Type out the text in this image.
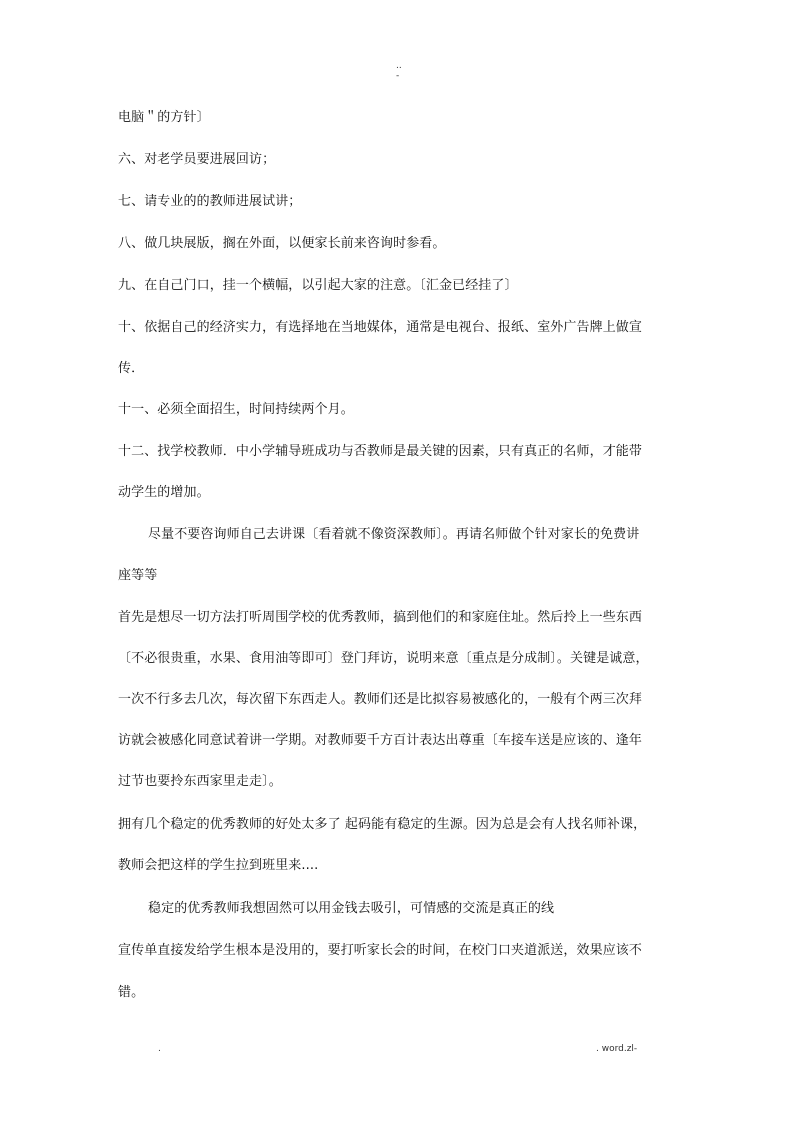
..
-
电脑＂的方针〕
六、对老学员要进展回访；
七、请专业的的教师进展试讲；
八、做几块展版，搁在外面，以便家长前来咨询时参看。
九、在自己门口，挂一个横幅，以引起大家的注意。〔汇金已经挂了〕
十、依据自己的经济实力，有选择地在当地媒体，通常是电视台、报纸、室外广告牌上做宣
传．
十一、必须全面招生，时间持续两个月。
十二、找学校教师．中小学辅导班成功与否教师是最关键的因素，只有真正的名师，才能带
动学生的增加。
尽量不要咨询师自己去讲课〔看着就不像资深教师〕。再请名师做个针对家长的免费讲
座等等
首先是想尽一切方法打听周围学校的优秀教师，搞到他们的和家庭住址。然后拎上一些东西
〔不必很贵重，水果、食用油等即可〕登门拜访，说明来意〔重点是分成制〕。关键是诚意，
一次不行多去几次，每次留下东西走人。教师们还是比拟容易被感化的，一般有个两三次拜
访就会被感化同意试着讲一学期。对教师要千方百计表达出尊重〔车接车送是应该的、逢年
过节也要拎东西家里走走〕。
拥有几个稳定的优秀教师的好处太多了 起码能有稳定的生源。因为总是会有人找名师补课，
教师会把这样的学生拉到班里来....
稳定的优秀教师我想固然可以用金钱去吸引，可情感的交流是真正的线
宣传单直接发给学生根本是没用的，要打听家长会的时间，在校门口夹道派送，效果应该不
错。
.	. word.zl-
